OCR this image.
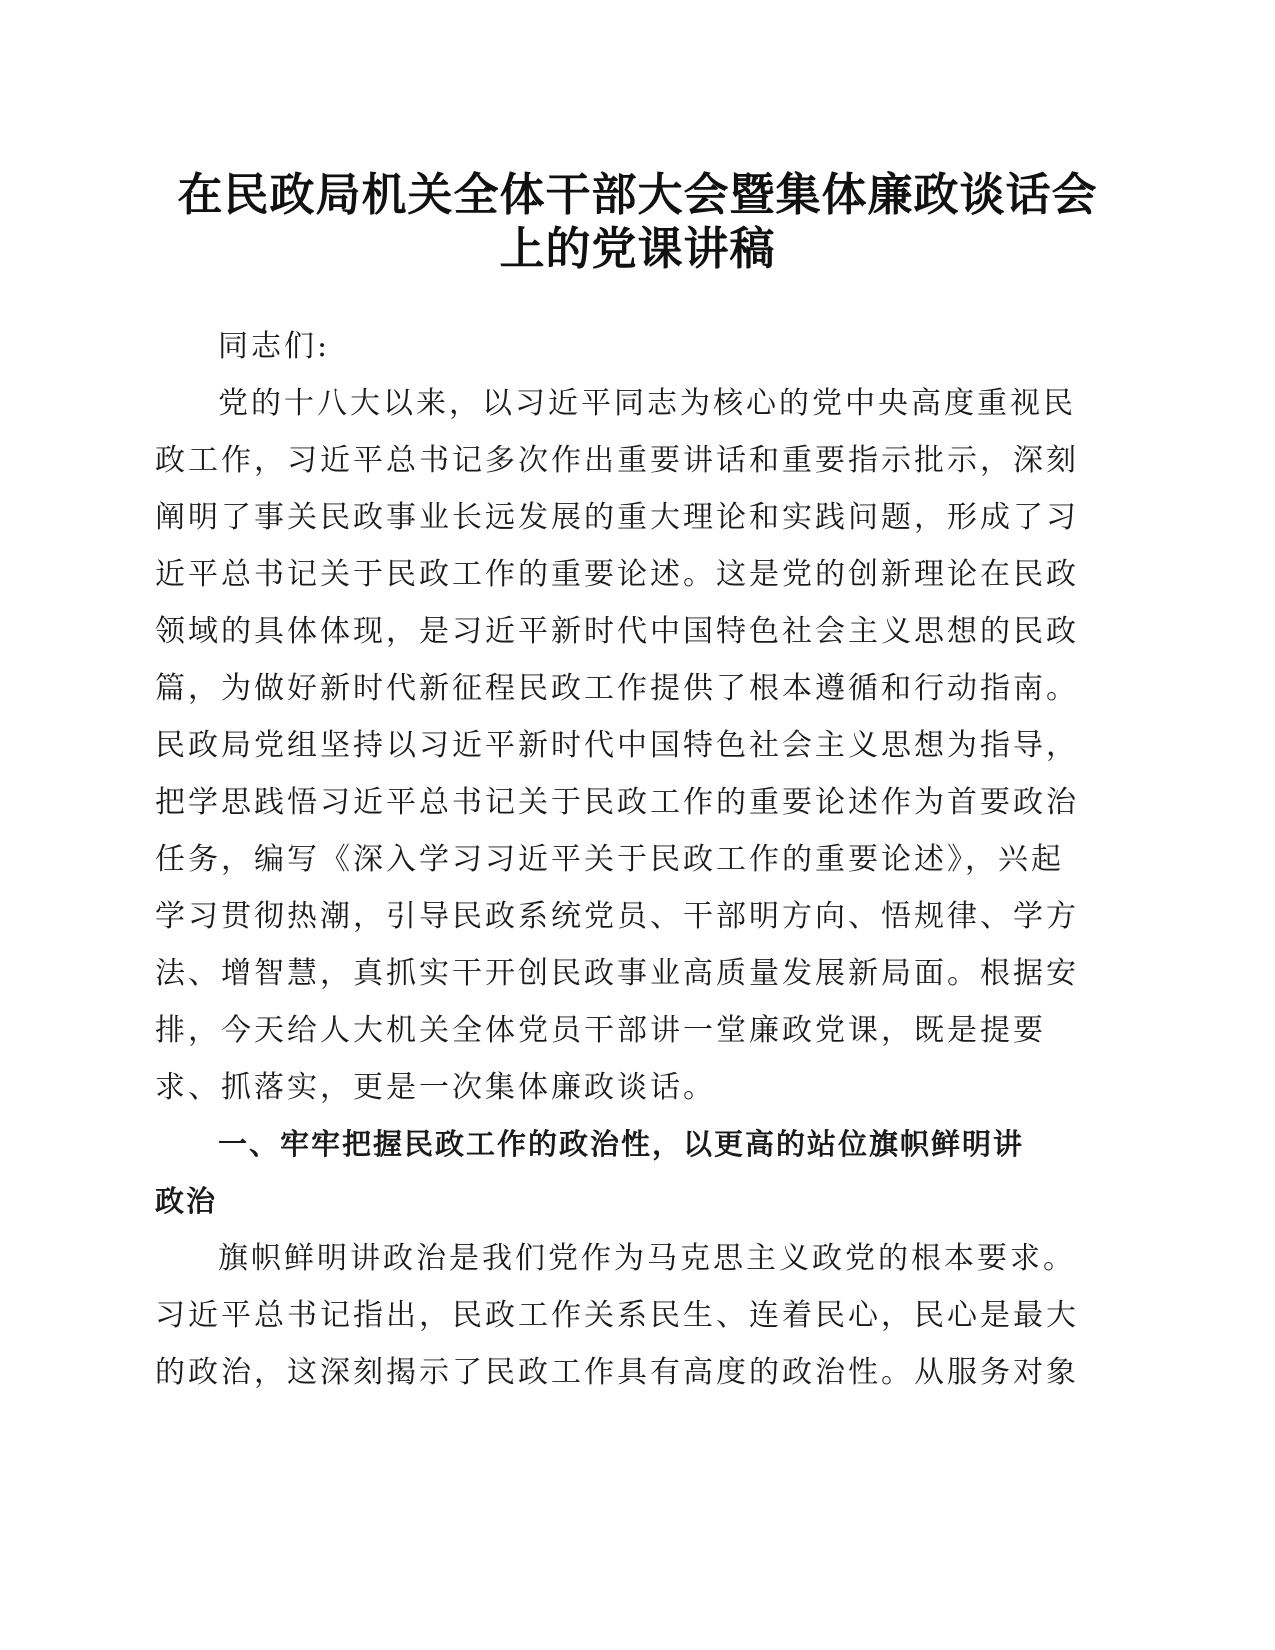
在民政局机关全体干部大会暨集体廉政谈话会
上的党课讲稿
同志们:
党的十八大以来，以习近平同志为核心的党中央高度重视民
政工作，习近平总书记多次作出重要讲话和重要指示批示，深刻
阐明了事关民政事业长远发展的重大理论和实践问题，形成了习
近平总书记关于民政工作的重要论述。这是党的创新理论在民政
领域的具体体现，是习近平新时代中国特色社会主义思想的民政
篇，为做好新时代新征程民政工作提供了根本遵循和行动指南。
民政局党组坚持以习近平新时代中国特色社会主义思想为指导，
把学思践悟习近平总书记关于民政工作的重要论述作为首要政治
任务，编写《深入学习习近平关于民政工作的重要论述》，兴起
学习贯彻热潮，引导民政系统党员、干部明方向、悟规律、学方
法、增智慧，真抓实干开创民政事业高质量发展新局面。根据安
排，今天给人大机关全体党员干部讲一堂廉政党课，既是提要
求、抓落实，更是一次集体廉政谈话。
一、牢牢把握民政工作的政治性，以更高的站位旗帜鲜明讲
政治
旗帜鲜明讲政治是我们党作为马克思主义政党的根本要求。
习近平总书记指出，民政工作关系民生、连着民心，民心是最大
的政治，这深刻揭示了民政工作具有高度的政治性。从服务对象
